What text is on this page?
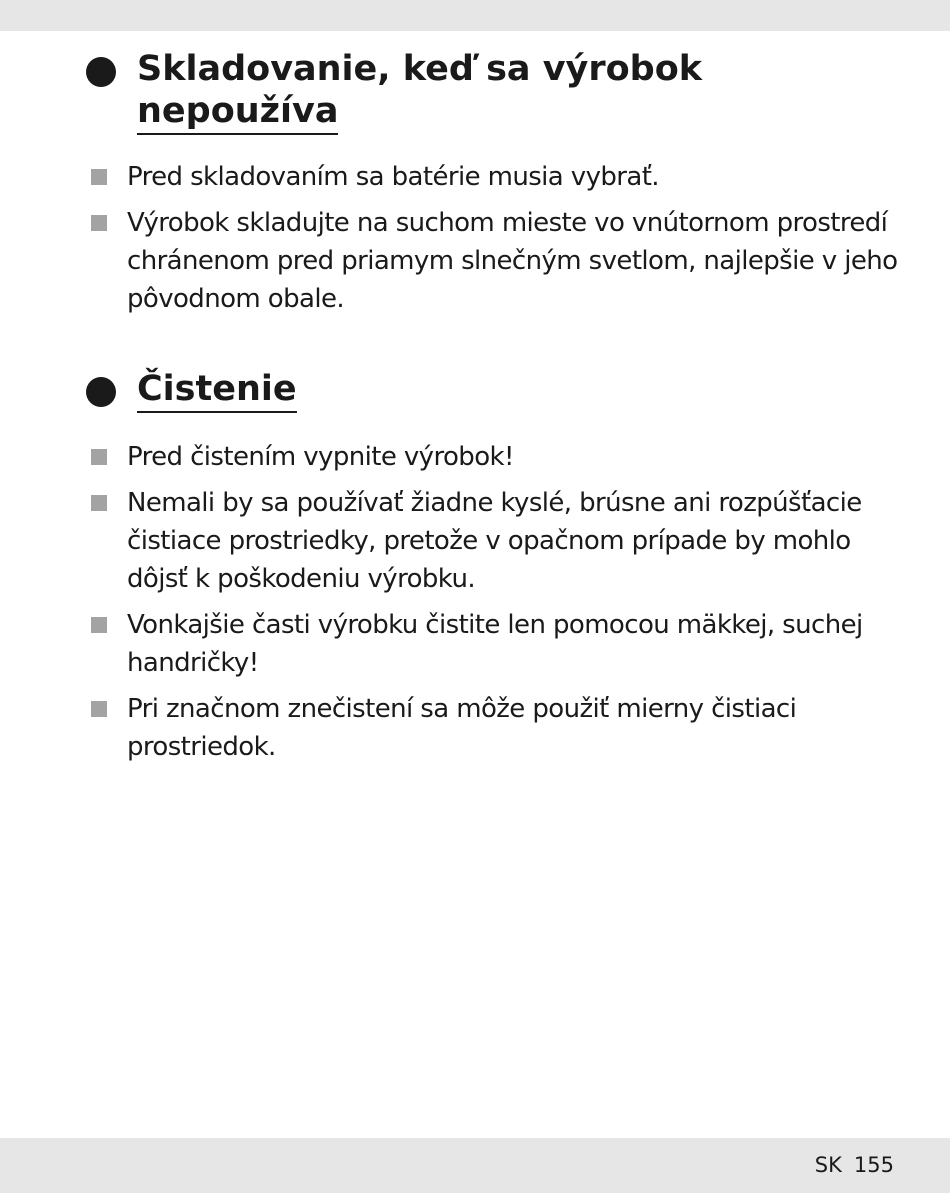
Skladovanie, keď sa výrobok
nepoužíva
Pred skladovaním sa batérie musia vybrať.
Výrobok skladujte na suchom mieste vo vnútornom prostredí chránenom pred priamym slnečným svetlom, najlepšie v jeho pôvodnom obale.
Čistenie
Pred čistením vypnite výrobok!
Nemali by sa používať žiadne kyslé, brúsne ani rozpúšťacie čistiace prostriedky, pretože v opačnom prípade by mohlo dôjsť k poškodeniu výrobku.
Vonkajšie časti výrobku čistite len pomocou mäkkej, suchej handričky!
Pri značnom znečistení sa môže použiť mierny čistiaci prostriedok.
SK 155
